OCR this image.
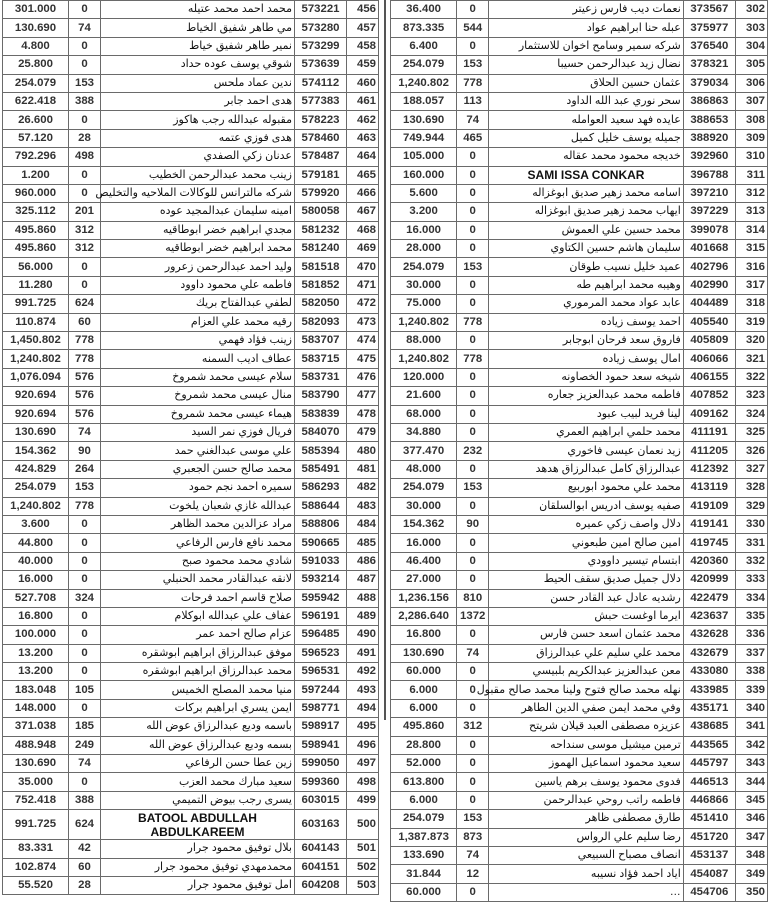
301.000	0	محمد احمد محمد عتيله	573221	456
130.690	74	مي طاهر شفيق الخياط	573280	457
4.800	0	نمير طاهر شفيق خياط	573299	458
25.800	0	شوقي يوسف عوده حداد	573639	459
254.079	153	ندين عماد ملحس	574112	460
622.418	388	هدى احمد جابر	577383	461
26.600	0	مقبوله عبدالله رجب هاكوز	578223	462
57.120	28	هدى فوزي عتمه	578460	463
792.296	498	عدنان زكي الصفدي	578487	464
1.200	0	زينب محمد عبدالرحمن الخطيب	579181	465
960.000	0	شركه مالترانس للوكالات الملاحيه والتخليص	579920	466
325.112	201	امينه سليمان عبدالمجيد عوده	580058	467
495.860	312	مجدي ابراهيم خضر ابوطاقيه	581232	468
495.860	312	محمد ابراهيم خضر ابوطاقيه	581240	469
56.000	0	وليد احمد عبدالرحمن زعرور	581518	470
11.280	0	فاطمه علي محمود داوود	581852	471
991.725	624	لطفي عبدالفتاح بريك	582050	472
110.874	60	رقيه محمد علي العزام	582093	473
1,450.802	778	زينب فؤاد فهمي	583707	474
1,240.802	778	عطاف اديب السمنه	583715	475
1,076.094	576	سلام عيسى محمد شمروخ	583731	476
920.694	576	منال عيسى محمد شمروخ	583790	477
920.694	576	هيماء عيسى محمد شمروخ	583839	478
130.690	74	فريال فوزي نمر السيد	584070	479
154.362	90	علي موسى عبدالغني حمد	585394	480
424.829	264	محمد صالح حسن الجعبري	585491	481
254.079	153	سميره احمد نجم حمود	586293	482
1,240.802	778	عبدالله غازي شعبان يلخوت	588644	483
3.600	0	مراد عزالدين محمد الظاهر	588806	484
44.800	0	محمد نافع فارس الرفاعي	590665	485
40.000	0	شادي محمد محمود صبح	591033	486
16.000	0	لانقه عبدالقادر محمد الحنبلي	593214	487
527.708	324	صلاح قاسم احمد فرحات	595942	488
16.800	0	عفاف علي عبدالله ابوكلام	596191	489
100.000	0	عزام صالح احمد عمر	596485	490
13.200	0	موفق عبدالرزاق ابراهيم ابوشقره	596523	491
13.200	0	محمد عبدالرزاق ابراهيم ابوشقره	596531	492
183.048	105	منيا محمد المصلح الخميس	597244	493
148.000	0	ايمن يسري ابراهيم بركات	598771	494
371.038	185	باسمه وديع عبدالرزاق عوض الله	598917	495
488.948	249	بسمه وديع عبدالرزاق عوض الله	598941	496
130.690	74	زين عطا حسن الرفاعي	599050	497
35.000	0	سعيد مبارك محمد العزب	599360	498
752.418	388	يسرى رجب بيوض التميمي	603015	499
991.725	624	BATOOL ABDULLAH ABDULKAREEM	603163	500
83.331	42	بلال توفيق محمود جرار	604143	501
102.874	60	محمدمهدي توفيق محمود جرار	604151	502
55.520	28	امل توفيق محمود جرار	604208	503
36.400	0	نعمات ديب فارس زعيتر	373567	302
873.335	544	عبله حنا ابراهيم عواد	375977	303
6.400	0	شركه سمير وسامح اخوان للاستثمار	376540	304
254.079	153	نضال زيد عبدالرحمن حسيبا	378321	305
1,240.802	778	عثمان حسين الحلاق	379034	306
188.057	113	سحر نوري عبد الله الداود	386863	307
130.690	74	عايده فهد سعيد العوامله	388653	308
749.944	465	جميله يوسف خليل كميل	388920	309
105.000	0	خديجه محمود محمد عقاله	392960	310
160.000	0	SAMI ISSA CONKAR	396788	311
5.600	0	اسامه محمد زهير صديق ابوغزاله	397210	312
3.200	0	ايهاب محمد زهير صديق ابوغزاله	397229	313
16.000	0	محمد حسين علي العموش	399078	314
28.000	0	سليمان هاشم حسين الكتاوي	401668	315
254.079	153	عميد خليل نسيب طوقان	402796	316
30.000	0	وهيبه محمد ابراهيم طه	402990	317
75.000	0	عابد عواد محمد المرموري	404489	318
1,240.802	778	احمد يوسف زياده	405540	319
88.000	0	فاروق سعد فرحان ابوجابر	405809	320
1,240.802	778	امال يوسف زياده	406066	321
120.000	0	شيخه سعد حمود الخصاونه	406155	322
21.600	0	فاطمه محمد عبدالعزيز جعاره	407852	323
68.000	0	لينا فريد لبيب عبود	409162	324
34.880	0	محمد حلمي ابراهيم العمري	411191	325
377.470	232	زيد نعمان عيسى فاخوري	411205	326
48.000	0	عبدالرزاق كامل عبدالرزاق هدهد	412392	327
254.079	153	محمد علي محمود ابوربيع	413119	328
30.000	0	صفيه يوسف ادريس ابوالسلقان	419109	329
154.362	90	دلال واصف زكي عميره	419141	330
16.000	0	امين صالح امين طبعوني	419745	331
46.400	0	ابتسام تيسير داوودي	420360	332
27.000	0	دلال جميل صديق سقف الحيط	420999	333
1,236.156	810	رشديه عادل عبد القادر حسن	422479	334
2,286.640	1372	ايرما اوغست حبش	423637	335
16.800	0	محمد عثمان اسعد حسن فارس	432628	336
130.690	74	محمد علي سليم علي عبدالرزاق	432679	337
60.000	0	معن عبدالعزيز عبدالكريم بلبيسي	433080	338
6.000	0	نهله محمد صالح فتوح ولينا محمد صالح مقبول	433985	339
6.000	0	وفي محمد ايمن صفي الدين الطاهر	435171	340
495.860	312	عزيزه مصطفى العبد قيلان شريتح	438685	341
28.800	0	ترمين ميشيل موسى سنداحه	443565	342
52.000	0	سعيد محمود اسماعيل الهموز	445797	343
613.800	0	فدوى محمود يوسف برهم ياسين	446513	344
6.000	0	فاطمه راتب روحي عبدالرحمن	446866	345
254.079	153	طارق مصطفى ظاهر	451410	346
1,387.873	873	رضا سليم علي الرواس	451720	347
133.690	74	انصاف مصباح السبيعي	453137	348
31.844	12	اياد احمد فؤاد نسيبه	454087	349
60.000	0	…	454706	350
